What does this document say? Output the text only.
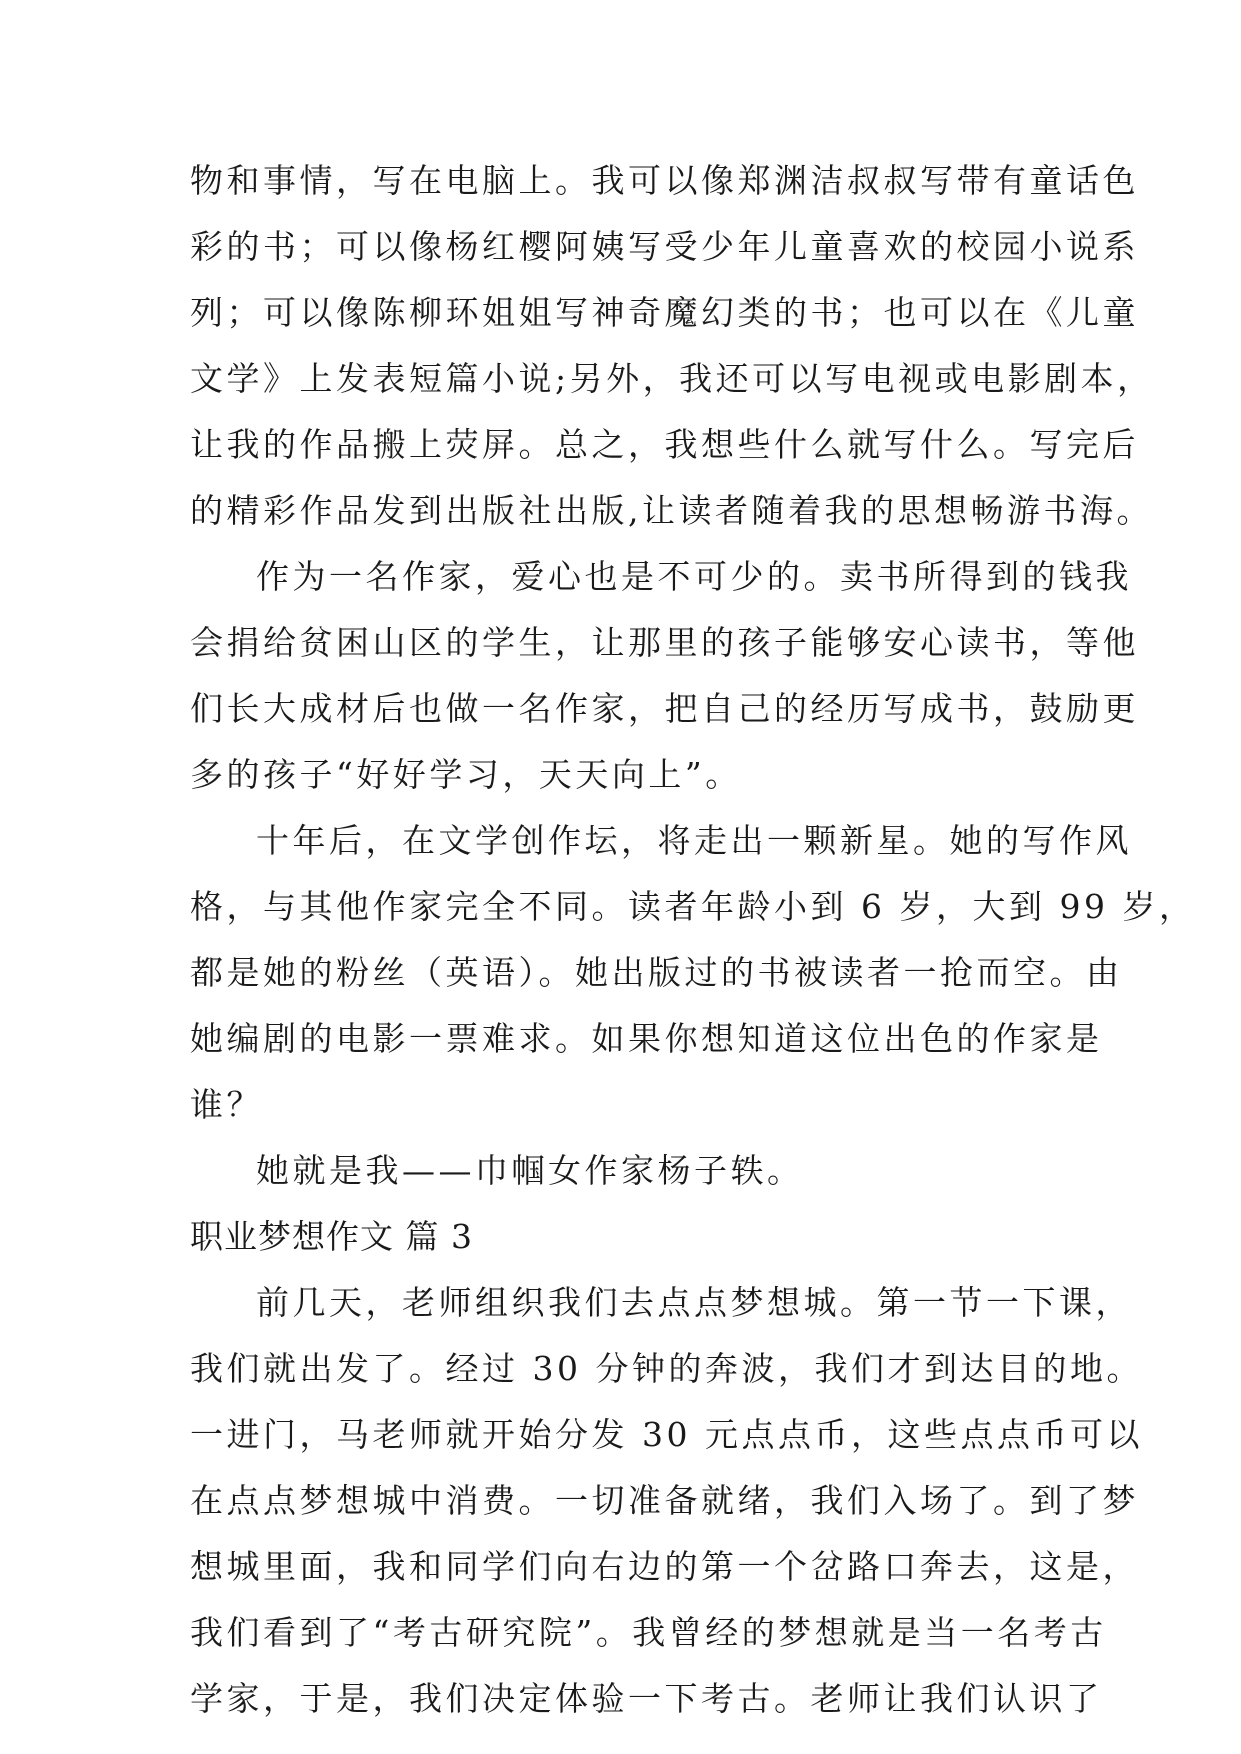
物和事情，写在电脑上。我可以像郑渊洁叔叔写带有童话色
彩的书；可以像杨红樱阿姨写受少年儿童喜欢的校园小说系
列；可以像陈柳环姐姐写神奇魔幻类的书；也可以在《儿童
文学》上发表短篇小说;另外，我还可以写电视或电影剧本，
让我的作品搬上荧屏。总之，我想些什么就写什么。写完后
的精彩作品发到出版社出版,让读者随着我的思想畅游书海。
作为一名作家，爱心也是不可少的。卖书所得到的钱我
会捐给贫困山区的学生，让那里的孩子能够安心读书，等他
们长大成材后也做一名作家，把自己的经历写成书，鼓励更
多的孩子“好好学习，天天向上”。
十年后，在文学创作坛，将走出一颗新星。她的写作风
格，与其他作家完全不同。读者年龄小到 6 岁，大到 99 岁，
都是她的粉丝（英语）。她出版过的书被读者一抢而空。由
她编剧的电影一票难求。如果你想知道这位出色的作家是
谁？
她就是我——巾帼女作家杨子轶。
职业梦想作文 篇 3
前几天，老师组织我们去点点梦想城。第一节一下课，
我们就出发了。经过 30 分钟的奔波，我们才到达目的地。
一进门，马老师就开始分发 30 元点点币，这些点点币可以
在点点梦想城中消费。一切准备就绪，我们入场了。到了梦
想城里面，我和同学们向右边的第一个岔路口奔去，这是，
我们看到了“考古研究院”。我曾经的梦想就是当一名考古
学家，于是，我们决定体验一下考古。老师让我们认识了
